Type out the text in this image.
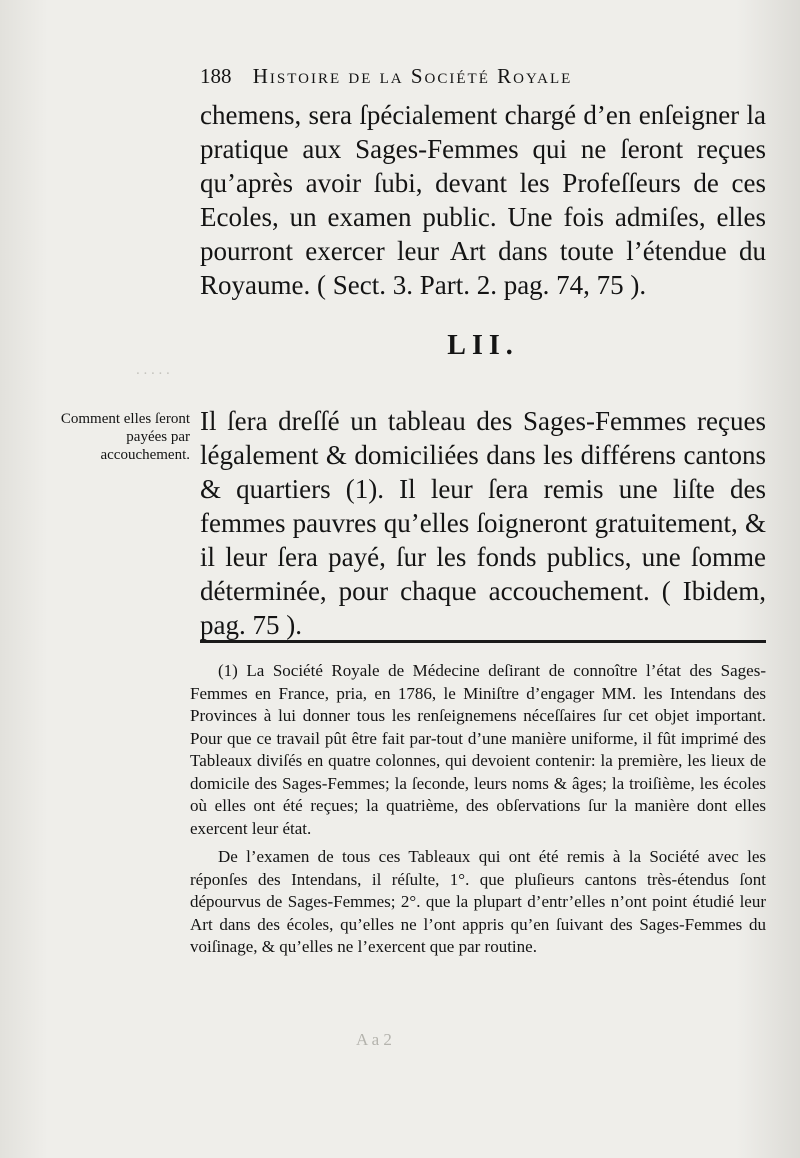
· · · · ·
188 Histoire de la Société Royale
chemens, sera ſpécialement chargé d’en enſeigner la pratique aux Sages-Femmes qui ne ſeront reçues qu’après avoir ſubi, devant les Profeſſeurs de ces Ecoles, un examen public. Une fois admiſes, elles pourront exercer leur Art dans toute l’étendue du Royaume. ( Sect. 3. Part. 2. pag. 74, 75 ).
LII.
Comment elles ſeront payées par accouchement.
Il ſera dreſſé un tableau des Sages-Femmes reçues légalement & domiciliées dans les différens cantons & quartiers (1). Il leur ſera remis une liſte des femmes pauvres qu’elles ſoigneront gratuitement, & il leur ſera payé, ſur les fonds publics, une ſomme déterminée, pour chaque accouchement. ( Ibidem, pag. 75 ).

(1) La Société Royale de Médecine deſirant de connoître l’état des Sages-Femmes en France, pria, en 1786, le Miniſtre d’engager MM. les Intendans des Provinces à lui donner tous les renſeignemens néceſſaires ſur cet objet important. Pour que ce travail pût être fait par-tout d’une manière uniforme, il fût imprimé des Tableaux diviſés en quatre colonnes, qui devoient contenir: la première, les lieux de domicile des Sages-Femmes; la ſeconde, leurs noms & âges; la troiſième, les écoles où elles ont été reçues; la quatrième, des obſervations ſur la manière dont elles exercent leur état.

De l’examen de tous ces Tableaux qui ont été remis à la Société avec les réponſes des Intendans, il réſulte, 1°. que pluſieurs cantons très-étendus ſont dépourvus de Sages-Femmes; 2°. que la plupart d’entr’elles n’ont point étudié leur Art dans des écoles, qu’elles ne l’ont appris qu’en ſuivant des Sages-Femmes du voiſinage, & qu’elles ne l’exercent que par routine.

A a 2
